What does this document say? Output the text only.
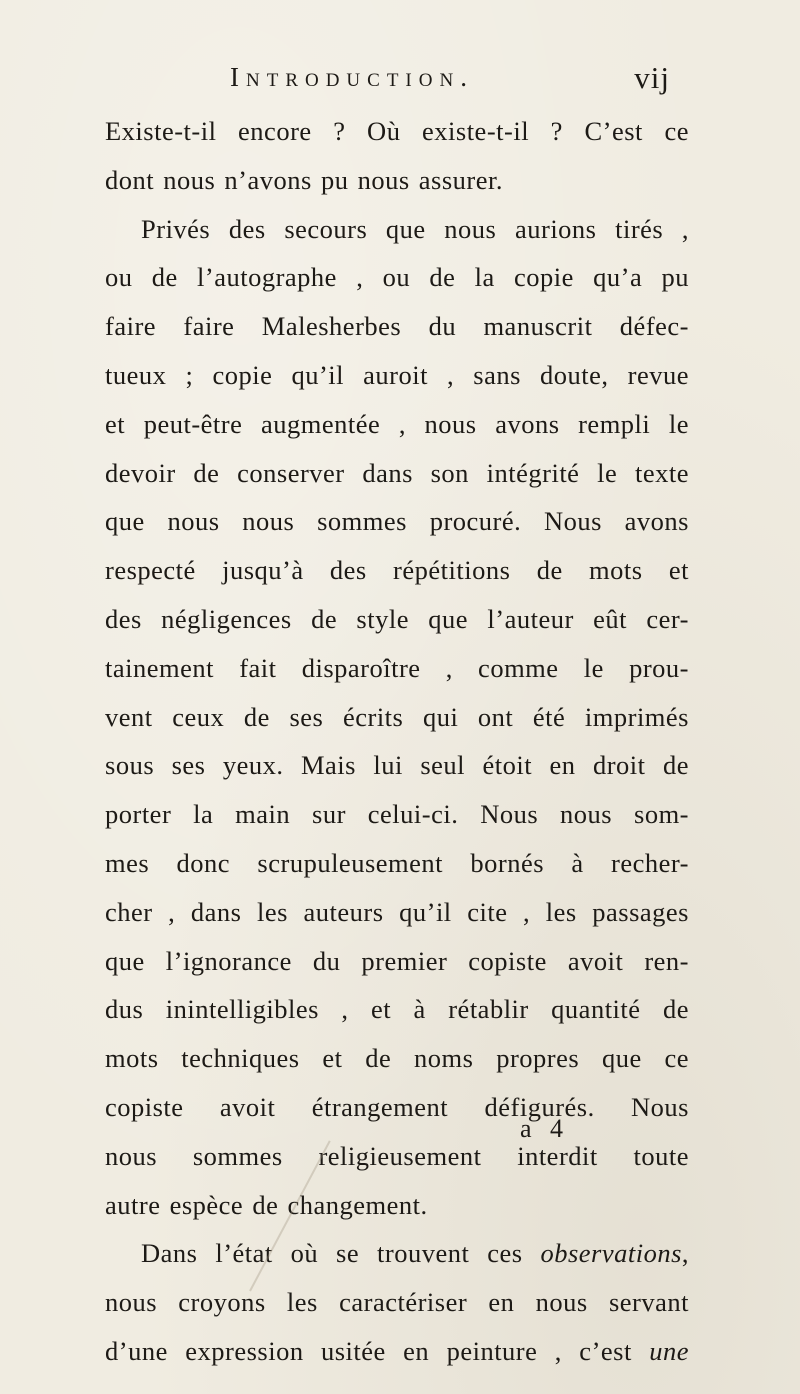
Introduction.	vij
Existe-t-il encore ? Où existe-t-il ? C’est ce
dont nous n’avons pu nous assurer.
Privés des secours que nous aurions tirés ,
ou de l’autographe , ou de la copie qu’a pu
faire faire Malesherbes du manuscrit défec-
tueux ; copie qu’il auroit , sans doute, revue
et peut-être augmentée , nous avons rempli le
devoir de conserver dans son intégrité le texte
que nous nous sommes procuré. Nous avons
respecté jusqu’à des répétitions de mots et
des négligences de style que l’auteur eût cer-
tainement fait disparoître , comme le prou-
vent ceux de ses écrits qui ont été imprimés
sous ses yeux. Mais lui seul étoit en droit de
porter la main sur celui-ci. Nous nous som-
mes donc scrupuleusement bornés à recher-
cher , dans les auteurs qu’il cite , les passages
que l’ignorance du premier copiste avoit ren-
dus inintelligibles , et à rétablir quantité de
mots techniques et de noms propres que ce
copiste avoit étrangement défigurés. Nous
nous sommes religieusement interdit toute
autre espèce de changement.
Dans l’état où se trouvent ces observations,
nous croyons les caractériser en nous servant
d’une expression usitée en peinture , c’est une
a 4
